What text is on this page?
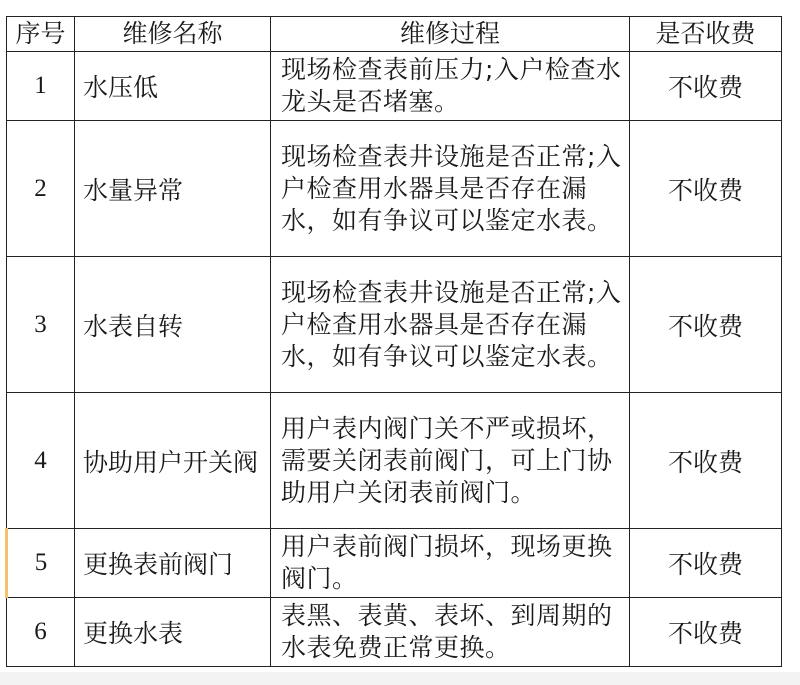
序号	维修名称	维修过程	是否收费
1	水压低	现场检查表前压力;入户检查水龙头是否堵塞。	不收费
2	水量异常	现场检查表井设施是否正常;入户检查用水器具是否存在漏水，如有争议可以鉴定水表。	不收费
3	水表自转	现场检查表井设施是否正常;入户检查用水器具是否存在漏水，如有争议可以鉴定水表。	不收费
4	协助用户开关阀	用户表内阀门关不严或损坏，需要关闭表前阀门，可上门协助用户关闭表前阀门。	不收费
5	更换表前阀门	用户表前阀门损坏，现场更换阀门。	不收费
6	更换水表	表黑、表黄、表坏、到周期的水表免费正常更换。	不收费
